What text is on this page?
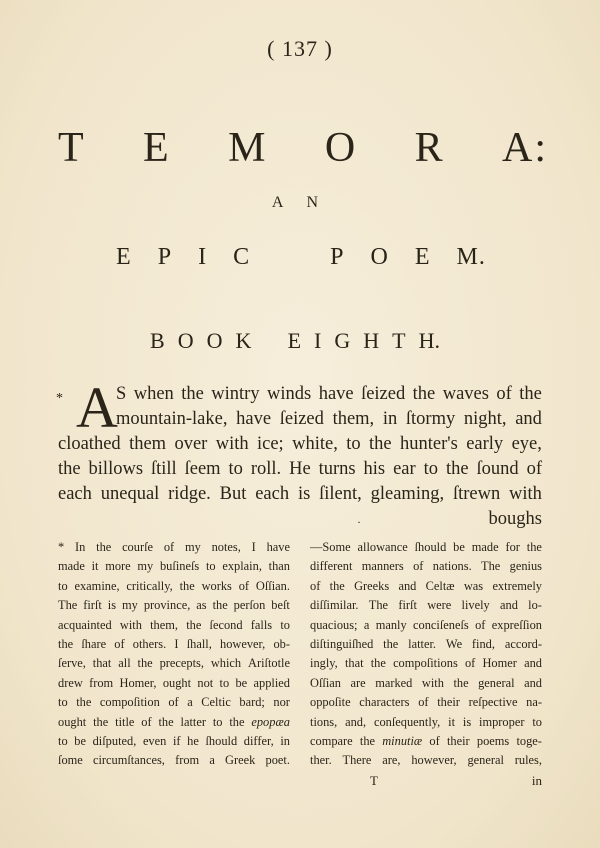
( 137 )
T E M O R A:
A N
E P I C	P O E M.
B O O K E I G H T H.
* A
S when the wintry winds have ſeized the waves of the
mountain-lake, have ſeized them, in ſtormy night, and
cloathed them over with ice; white, to the hunter's early eye,
the billows ſtill ſeem to roll. He turns his ear to the ſound of
each unequal ridge. But each is ſilent, gleaming, ſtrewn with
.	boughs
* In the courſe of my notes, I have
made it more my buſineſs to explain, than
to examine, critically, the works of Oſſian.
The firſt is my province, as the perſon beſt
acquainted with them, the ſecond falls to
the ſhare of others. I ſhall, however, ob-
ſerve, that all the precepts, which Ariſtotle
drew from Homer, ought not to be applied
to the compoſition of a Celtic bard; nor
ought the title of the latter to the epopæa
to be diſputed, even if he ſhould differ, in
ſome circumſtances, from a Greek poet.
—Some allowance ſhould be made for the
different manners of nations. The genius
of the Greeks and Celtæ was extremely
diſſimilar. The firſt were lively and lo-
quacious; a manly conciſeneſs of expreſſion
diſtinguiſhed the latter. We find, accord-
ingly, that the compoſitions of Homer and
Oſſian are marked with the general and
oppoſite characters of their reſpective na-
tions, and, conſequently, it is improper to
compare the minutiæ of their poems toge-
ther. There are, however, general rules,
T	in
